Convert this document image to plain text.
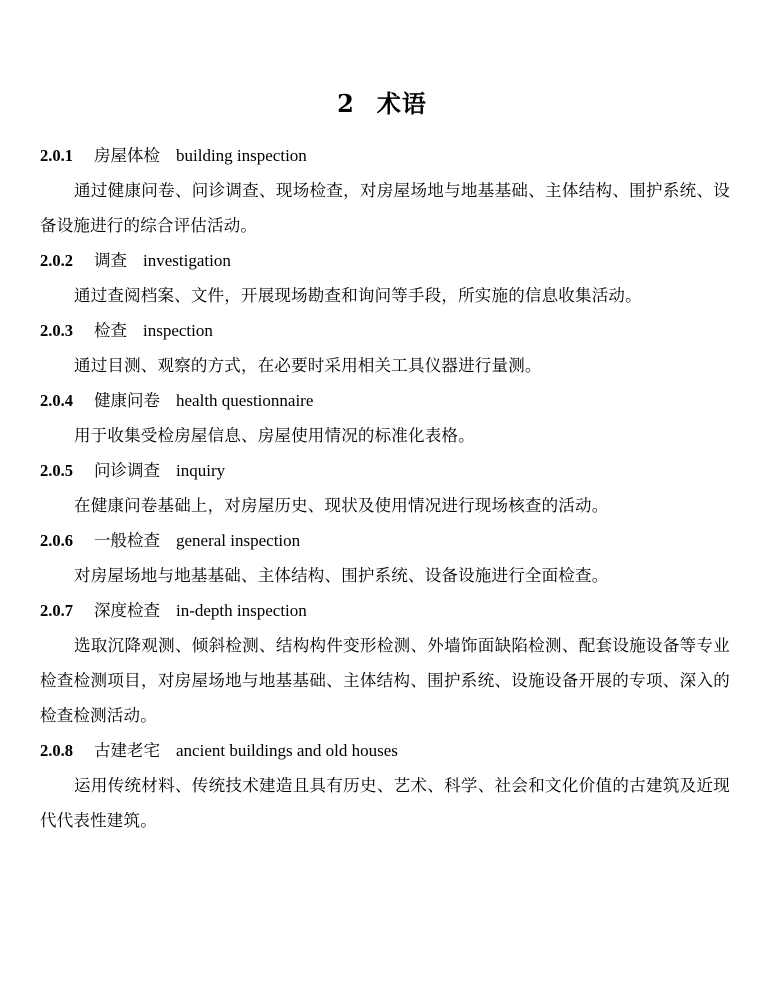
2 术语
2.0.1 房屋体检 building inspection

通过健康问卷、问诊调查、现场检查，对房屋场地与地基基础、主体结构、围护系统、设备设施进行的综合评估活动。

2.0.2 调查 investigation

通过查阅档案、文件，开展现场勘查和询问等手段，所实施的信息收集活动。

2.0.3 检查 inspection

通过目测、观察的方式，在必要时采用相关工具仪器进行量测。

2.0.4 健康问卷 health questionnaire

用于收集受检房屋信息、房屋使用情况的标准化表格。

2.0.5 问诊调查 inquiry

在健康问卷基础上，对房屋历史、现状及使用情况进行现场核查的活动。

2.0.6 一般检查 general inspection

对房屋场地与地基基础、主体结构、围护系统、设备设施进行全面检查。

2.0.7 深度检查 in-depth inspection

选取沉降观测、倾斜检测、结构构件变形检测、外墙饰面缺陷检测、配套设施设备等专业检查检测项目，对房屋场地与地基基础、主体结构、围护系统、设施设备开展的专项、深入的检查检测活动。

2.0.8 古建老宅 ancient buildings and old houses

运用传统材料、传统技术建造且具有历史、艺术、科学、社会和文化价值的古建筑及近现代代表性建筑。
